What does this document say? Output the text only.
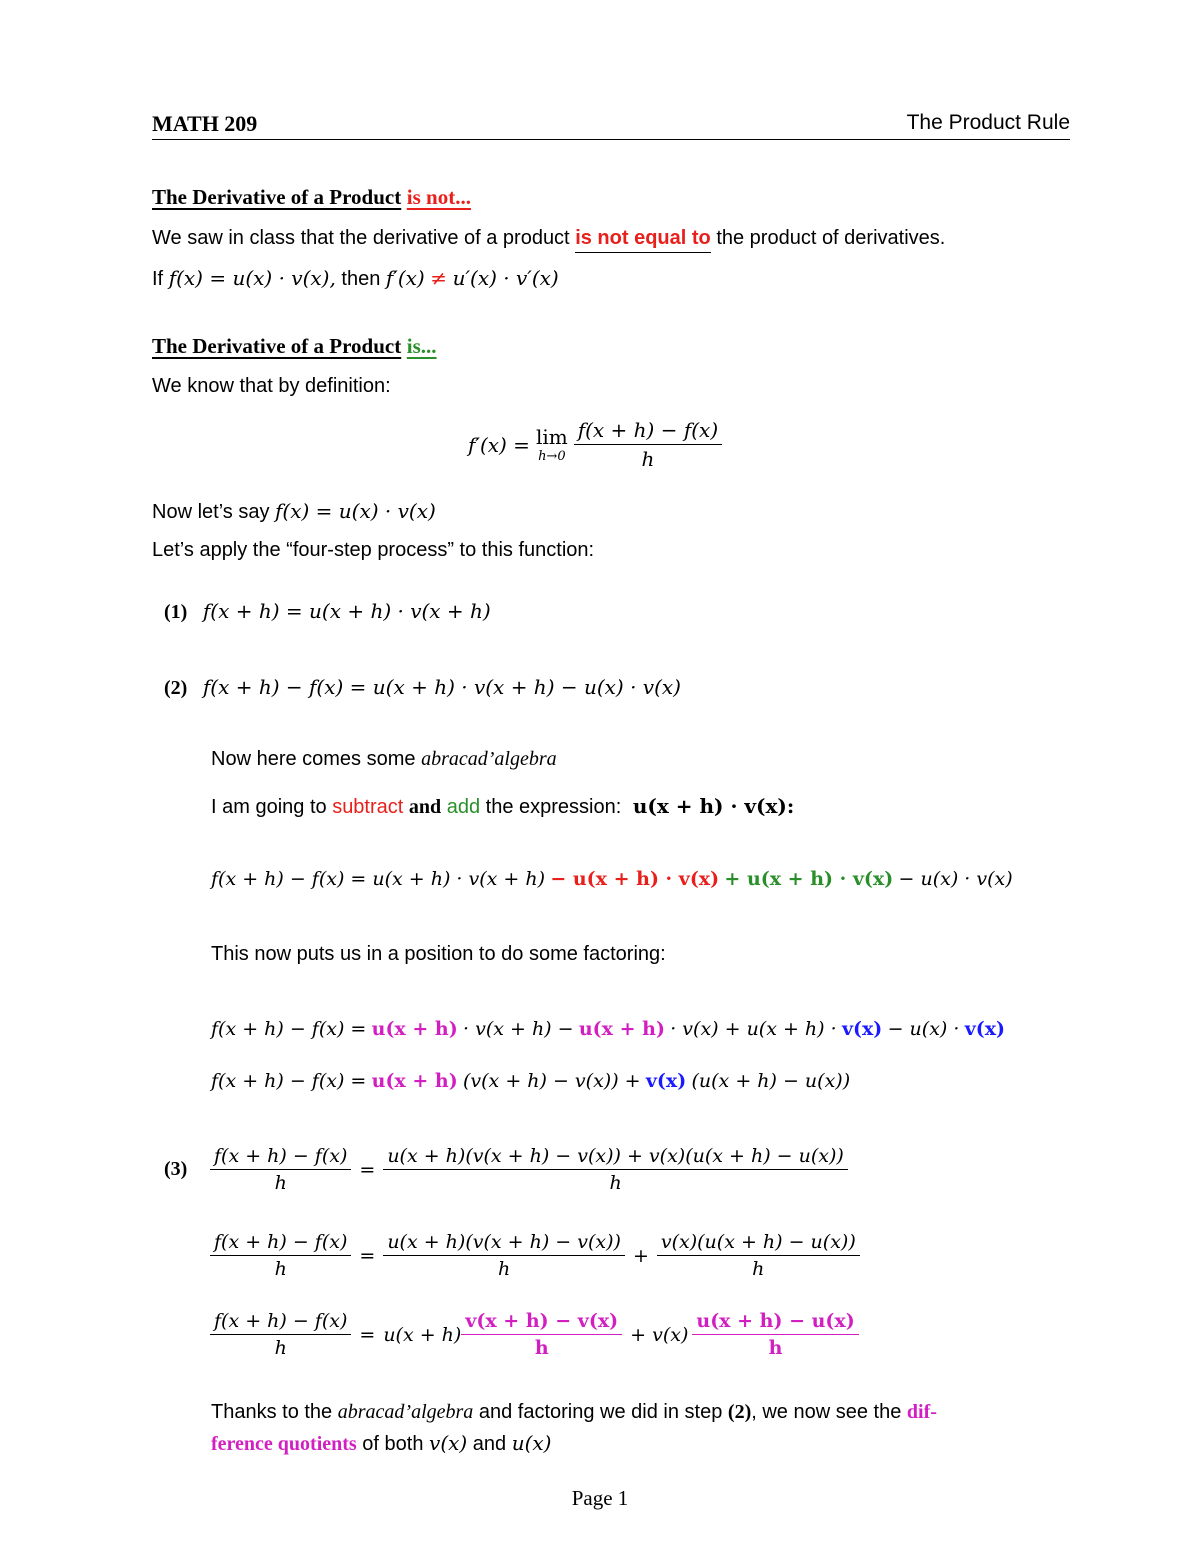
MATH 209	The Product Rule
The Derivative of a Product is not...
We saw in class that the derivative of a product is not equal to the product of derivatives.
If f(x) = u(x) · v(x), then f′(x) ≠ u′(x) · v′(x)
The Derivative of a Product is...
We know that by definition:
f′(x) = lim
$h\to 0 \frac{f(x + h) - f(x)}{h}$
Now let’s say f(x) = u(x) · v(x)
Let’s apply the “four-step process” to this function:
(1) f(x + h) = u(x + h) · v(x + h)
(2) f(x + h) − f(x) = u(x + h) · v(x + h) − u(x) · v(x)
Now here comes some abracad’algebra
I am going to subtract and add the expression: u(x + h) · v(x):
f(x + h) − f(x) = u(x + h) · v(x + h) − u(x + h) · v(x) + u(x + h) · v(x) − u(x) · v(x)
This now puts us in a position to do some factoring:
f(x + h) − f(x) = u(x + h) · v(x + h) − u(x + h) · v(x) + u(x + h) · v(x) − u(x) · v(x)
f(x + h) − f(x) = u(x + h) (v(x + h) − v(x)) + v(x) (u(x + h) − u(x))
(3)	$\frac{f(x + h) - f(x)}{h} = \frac{u(x + h)(v(x + h) - v(x)) + v(x)(u(x + h) - u(x))}{h}$
$\frac{f(x + h) - f(x)}{h} = \frac{u(x + h)(v(x + h) - v(x))}{h} + \frac{v(x)(u(x + h) - u(x))}{h}$
$\frac{f(x + h) - f(x)}{h} = u(x + h) \frac{v(x + h) - v(x)}{h} + v(x) \frac{u(x + h) - u(x)}{h}$
Thanks to the abracad’algebra and factoring we did in step (2), we now see the dif-
ference quotients of both v(x) and u(x)
Page 1
